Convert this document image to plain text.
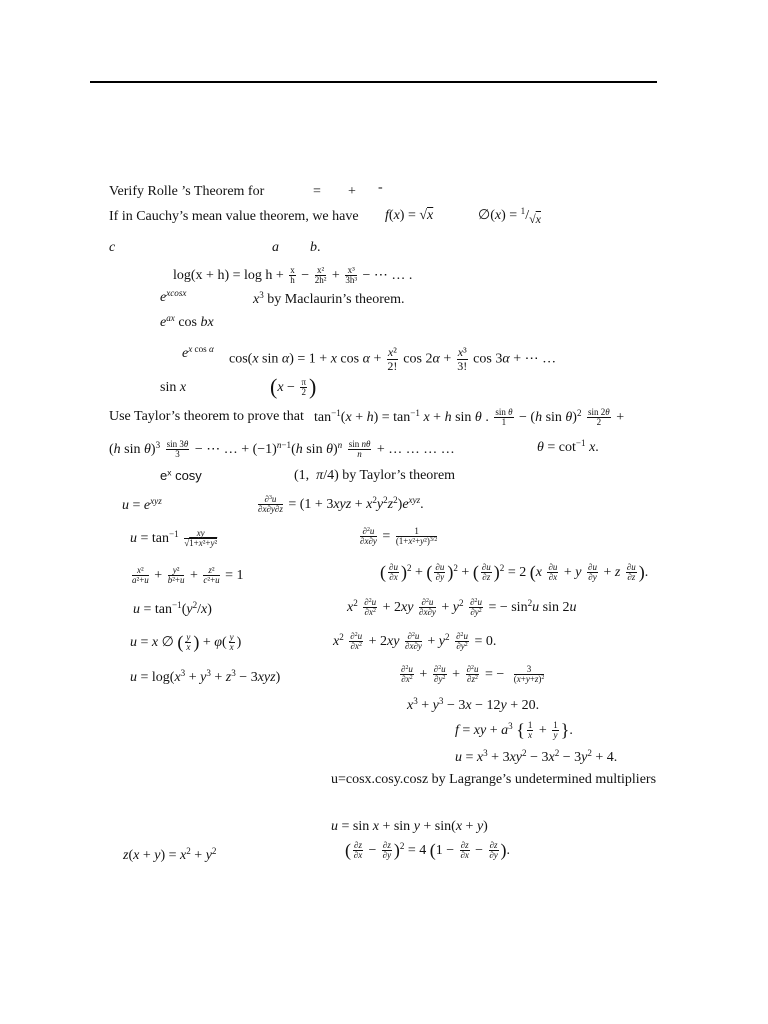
Verify Rolle ’s Theorem for	= + -
If in Cauchy’s mean value theorem, we have f(x) = √x	∅(x) = $^1/_{√x}$
c	a b.
$\log(x + h) = \log h + \frac{x}{h} - \frac{\text{x²}}{\text{2h²}} + \frac{\text{x³}}{\text{3h³}}$ − ⋯ … .
$e^{xcosx}$	$x^3$ by Maclaurin’s theorem.
$e^{ax}$ cos bx
$e^{x cos \alpha}$
cos(x sin α) = 1 + x $\cos \alpha + \frac{\text{x²}}{2!}$ $\cos 2\alpha + \frac{\text{x³}}{3!}$ cos 3α + ⋯ …
sin x	($x - \frac{\pi}{2}$ )
Use Taylor’s theorem to prove that $\tan^{-1}(x + h) = \tan^{-1} x + h$ sin θ . $\frac{\text{sin θ}}{1} - (h$ $\sin \theta)^2 \frac{\sin 2\theta}{2}$ +
(h $\sin \theta)^3 \frac{\sin 3\theta}{3}$ − ⋯ … + $(-1)^{n-1}(h$ $\sin \theta)^n \frac{\text{sin nθ}}{n}$ + … … … …	$\theta = \cot^{-1} x$.
$e^x$ cosy	(1,  π/4) by Taylor’s theorem
$u = e^{xyz}$	$\frac{\partial^3u}{\partial x\partial y\partial z} = (1 + 3xyz + x^2y^2z^2)e^{xyz}$.
$u = \tan^{-1} \frac{xy}{\text{√1+x²+y²}}$	$\frac{\partial^2u}{\partial x\partial y} = \frac{1}{(1+x^2+y^2)^{3/2}}$
$\frac{\text{x²}}{\text{a²+u}} + \frac{\text{y²}}{\text{b²+u}} + \frac{\text{z²}}{\text{c²+u}} = 1$	( $\frac{\partial u}{\partial x} )^2$ + ( $\frac{\partial u}{\partial y} )^2$ + ( $\frac{\partial u}{\partial z} )^2 = 2$ ($x \frac{\partial u}{\partial x} + y \frac{\partial u}{\partial y} + z \frac{\partial u}{\partial z}$ ).
$u = \tan^{-1}(y^2/x)$	$x^2 \frac{\partial^2u}{\partial x^2} + 2xy \frac{\partial^2u}{\partial x\partial y} + y^2 \frac{\partial^2u}{\partial y^2}$ = − $\sin^2u$ sin 2u
u = x ∅ ( $\frac{y}{x}$ ) + $\varphi( \frac{y}{x}$ )	$x^2 \frac{\partial^2u}{\partial x^2} + 2xy \frac{\partial^2u}{\partial x\partial y} + y^2 \frac{\partial^2u}{\partial y^2} = 0$.
$u = \log(x^3 + y^3 + z^3 - 3xyz)$	$\frac{\partial^2u}{\partial x^2} + \frac{\partial^2u}{\partial y^2} + \frac{\partial^2u}{\partial z^2}$ = − $\frac{3}{(x+y+z)^2}$
$x^3 + y^3 - 3x - 12y + 20$.
f = xy + $a^3$ { $\frac{1}{x} + \frac{1}{y}$ }.
$u = x^3 + 3xy^2 - 3x^2 - 3y^2 + 4$.
u=cosx.cosy.cosz by Lagrange’s undetermined multipliers
u = sin x + sin y + sin(x + y)
$z(x + y) = x^2 + y^2$	( $\frac{\partial z}{\partial x} - \frac{\partial z}{\partial y} )^2 = 4$ ($1 - \frac{\partial z}{\partial x} - \frac{\partial z}{\partial y}$ ).
